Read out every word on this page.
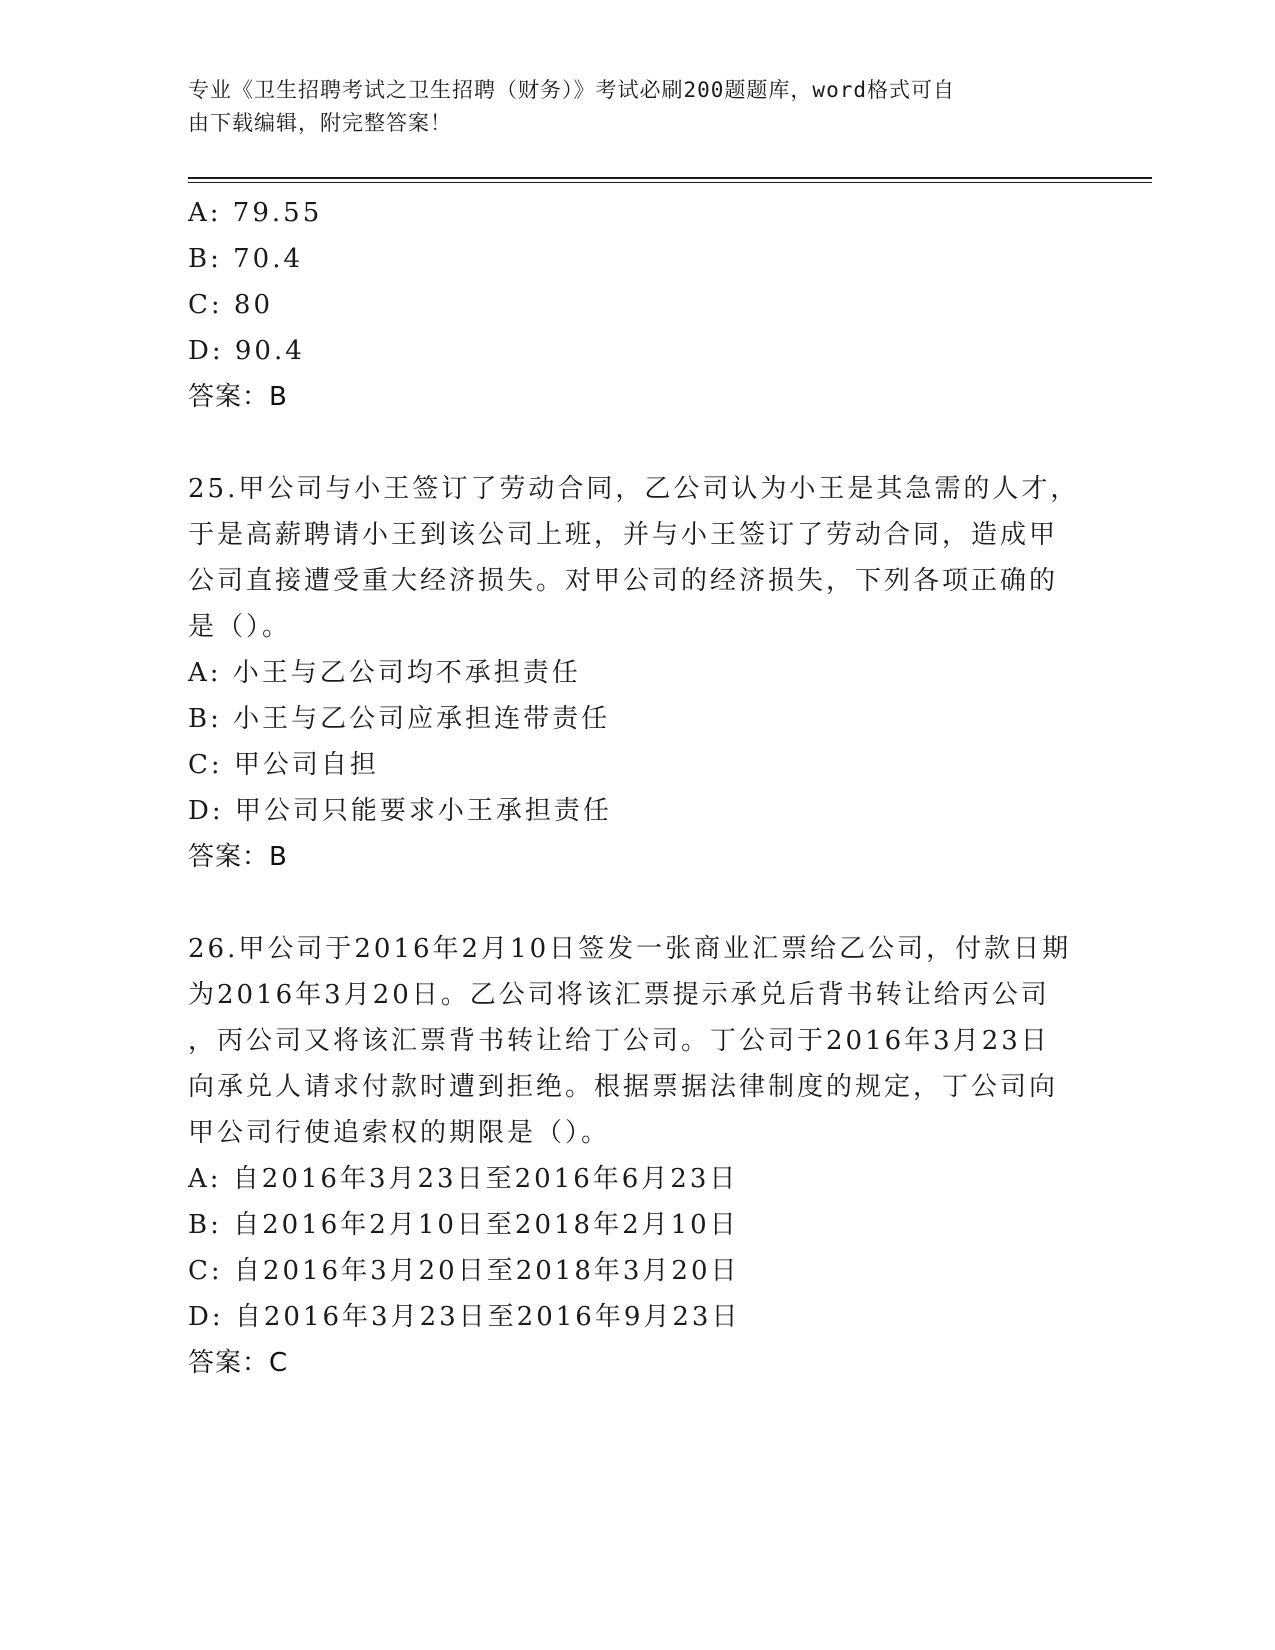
专业《卫生招聘考试之卫生招聘（财务）》考试必刷200题题库，word格式可自
由下载编辑，附完整答案！
A: 79.55
B: 70.4
C: 80
D: 90.4
答案：B
25.甲公司与小王签订了劳动合同，乙公司认为小王是其急需的人才，
于是高薪聘请小王到该公司上班，并与小王签订了劳动合同，造成甲
公司直接遭受重大经济损失。对甲公司的经济损失，下列各项正确的
是（）。
A: 小王与乙公司均不承担责任
B: 小王与乙公司应承担连带责任
C: 甲公司自担
D: 甲公司只能要求小王承担责任
答案：B
26.甲公司于2016年2月10日签发一张商业汇票给乙公司，付款日期
为2016年3月20日。乙公司将该汇票提示承兑后背书转让给丙公司
，丙公司又将该汇票背书转让给丁公司。丁公司于2016年3月23日
向承兑人请求付款时遭到拒绝。根据票据法律制度的规定，丁公司向
甲公司行使追索权的期限是（）。
A: 自2016年3月23日至2016年6月23日
B: 自2016年2月10日至2018年2月10日
C: 自2016年3月20日至2018年3月20日
D: 自2016年3月23日至2016年9月23日
答案：C
